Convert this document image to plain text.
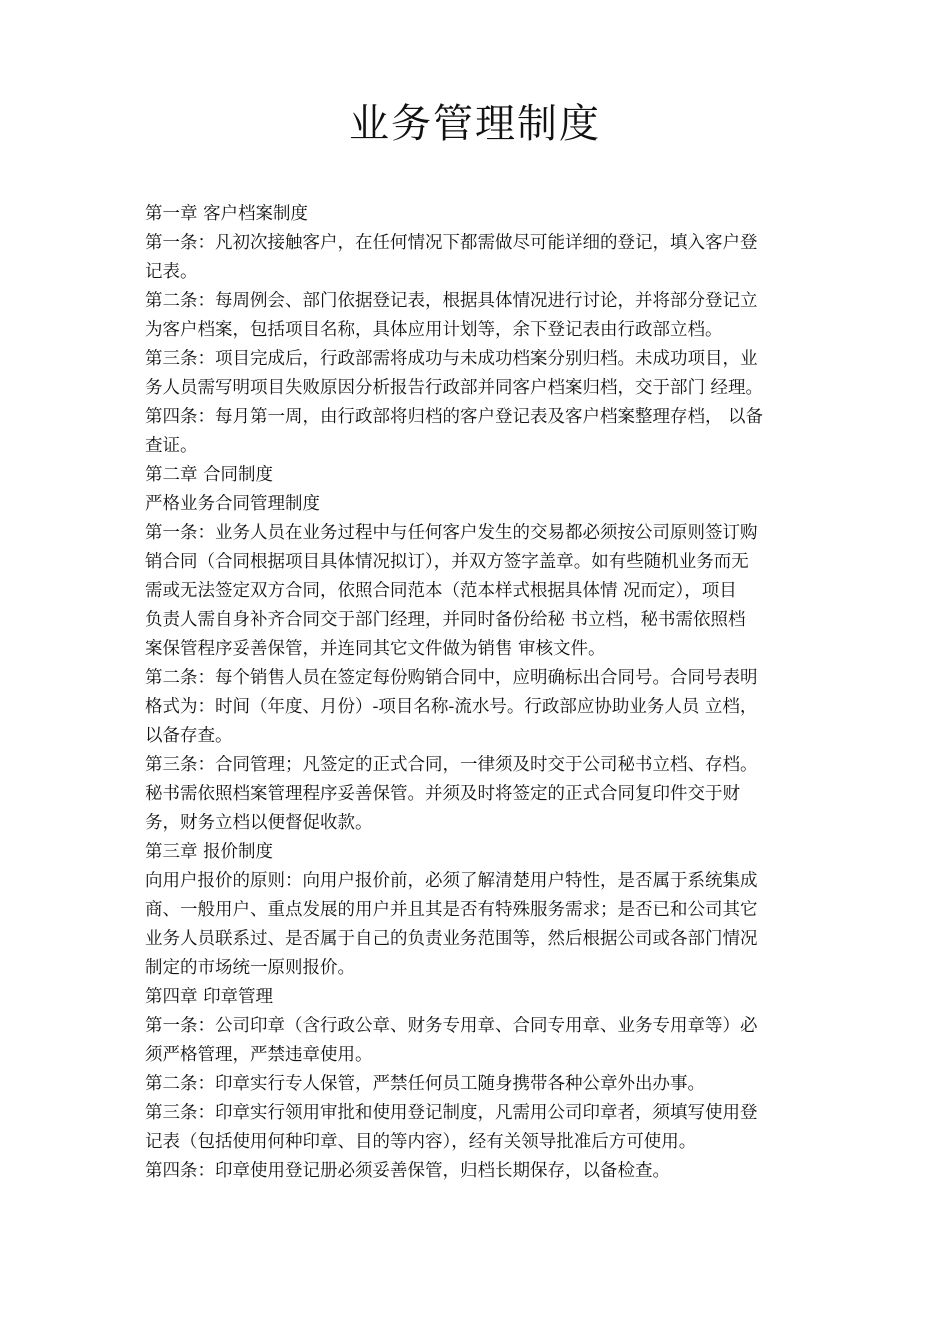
业务管理制度
第一章 客户档案制度
第一条：凡初次接触客户，在任何情况下都需做尽可能详细的登记，填入客户登
记表。
第二条：每周例会、部门依据登记表，根据具体情况进行讨论，并将部分登记立
为客户档案，包括项目名称，具体应用计划等，余下登记表由行政部立档。
第三条：项目完成后，行政部需将成功与未成功档案分别归档。未成功项目，业
务人员需写明项目失败原因分析报告行政部并同客户档案归档，交于部门 经理。
第四条：每月第一周，由行政部将归档的客户登记表及客户档案整理存档， 以备
查证。
第二章 合同制度
严格业务合同管理制度
第一条：业务人员在业务过程中与任何客户发生的交易都必须按公司原则签订购
销合同（合同根据项目具体情况拟订），并双方签字盖章。如有些随机业务而无
需或无法签定双方合同，依照合同范本（范本样式根据具体情 况而定），项目
负责人需自身补齐合同交于部门经理，并同时备份给秘 书立档，秘书需依照档
案保管程序妥善保管，并连同其它文件做为销售 审核文件。
第二条：每个销售人员在签定每份购销合同中，应明确标出合同号。合同号表明
格式为：时间（年度、月份）-项目名称-流水号。行政部应协助业务人员 立档，
以备存查。
第三条：合同管理；凡签定的正式合同，一律须及时交于公司秘书立档、存档。
秘书需依照档案管理程序妥善保管。并须及时将签定的正式合同复印件交于财
务，财务立档以便督促收款。
第三章 报价制度
向用户报价的原则：向用户报价前，必须了解清楚用户特性，是否属于系统集成
商、一般用户、重点发展的用户并且其是否有特殊服务需求；是否已和公司其它
业务人员联系过、是否属于自己的负责业务范围等，然后根据公司或各部门情况
制定的市场统一原则报价。
第四章 印章管理
第一条：公司印章（含行政公章、财务专用章、合同专用章、业务专用章等）必
须严格管理，严禁违章使用。
第二条：印章实行专人保管，严禁任何员工随身携带各种公章外出办事。
第三条：印章实行领用审批和使用登记制度，凡需用公司印章者，须填写使用登
记表（包括使用何种印章、目的等内容），经有关领导批准后方可使用。
第四条：印章使用登记册必须妥善保管，归档长期保存，以备检查。
